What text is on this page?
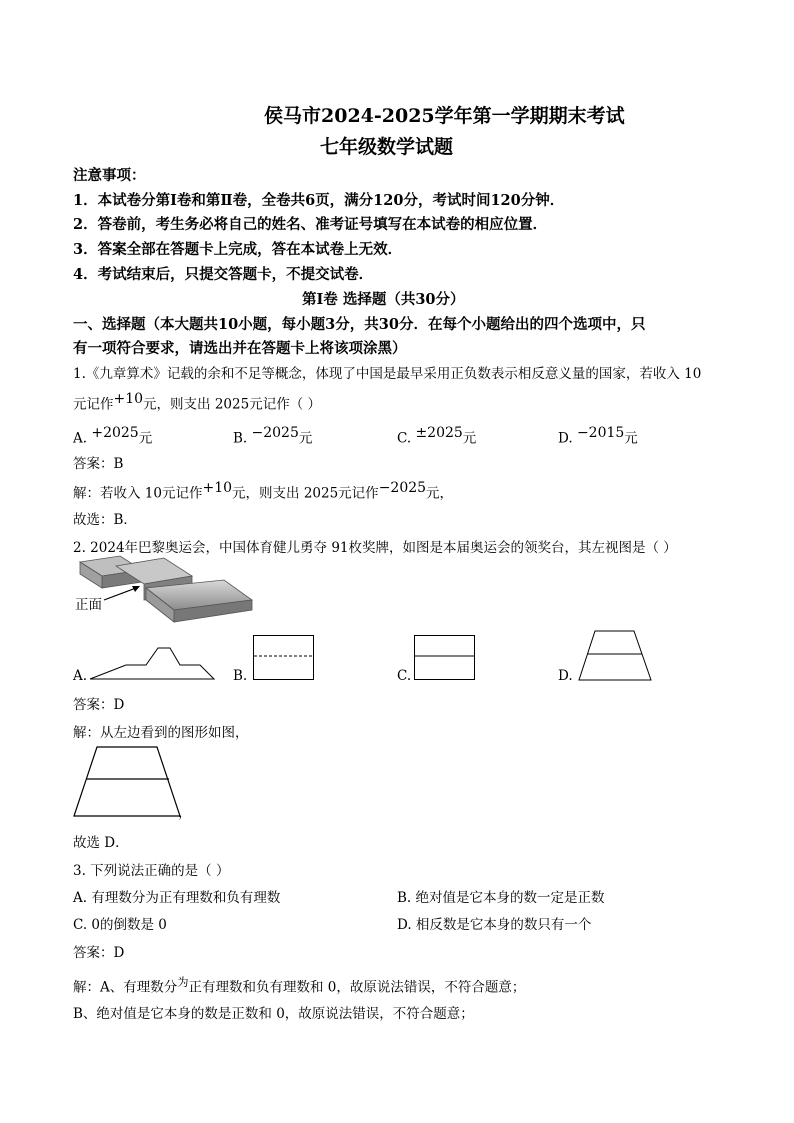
侯马市2024-2025学年第一学期期末考试
七年级数学试题
注意事项：
1．本试卷分第Ⅰ卷和第Ⅱ卷，全卷共6页，满分120分，考试时间120分钟．
2．答卷前，考生务必将自己的姓名、准考证号填写在本试卷的相应位置．
3．答案全部在答题卡上完成，答在本试卷上无效．
4．考试结束后，只提交答题卡，不提交试卷．
第Ⅰ卷 选择题（共30分）
一、选择题（本大题共10小题，每小题3分，共30分．在每个小题给出的四个选项中，只
有一项符合要求，请选出并在答题卡上将该项涂黑）
1.《九章算术》记载的余和不足等概念，体现了中国是最早采用正负数表示相反意义量的国家，若收入 10
元记作$^{+10}$元，则支出 2025元记作（ ）
A. $^{+2025}$元	B. $^{-2025}$元	C. $^{\pm 2025}$元	D. $^{-2015}$元
答案：B
解：若收入 10元记作$^{+10}$元，则支出 2025元记作$^{-2025}$元，
故选：B．
2. 2024年巴黎奥运会，中国体育健儿勇夺 91枚奖牌，如图是本届奥运会的领奖台，其左视图是（ ）
正面
A.	B.	C.	D.
答案：D
解：从左边看到的图形如图，
，
故选 D．
3. 下列说法正确的是（ ）
A. 有理数分为正有理数和负有理数	B. 绝对值是它本身的数一定是正数
C. 0的倒数是 0	D. 相反数是它本身的数只有一个
答案：D
解：A、有理数分$^为$正有理数和负有理数和 0，故原说法错误，不符合题意；
B、绝对值是它本身的数是正数和 0，故原说法错误，不符合题意；
